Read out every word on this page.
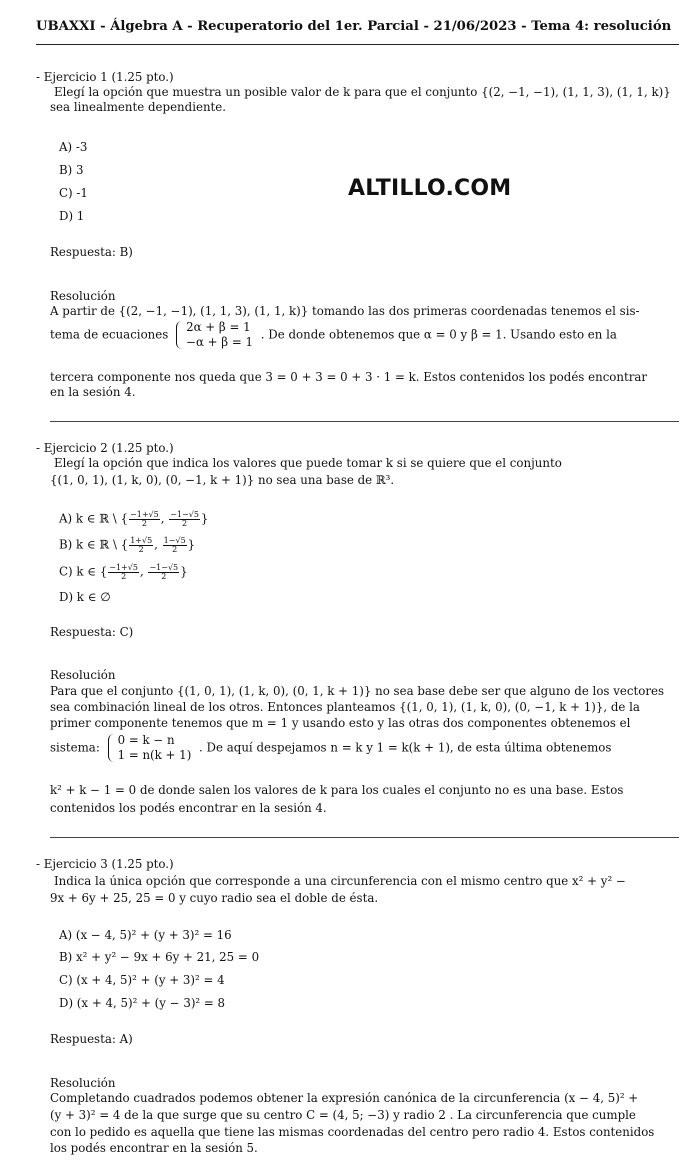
UBAXXI - Álgebra A - Recuperatorio del 1er. Parcial - 21/06/2023 - Tema 4: resolución
ALTILLO.COM
- Ejercicio 1 (1.25 pto.)
Elegí la opción que muestra un posible valor de k para que el conjunto {(2, −1, −1), (1, 1, 3), (1, 1, k)}
sea linealmente dependiente.
A) -3
B) 3
C) -1
D) 1
Respuesta: B)
Resolución
A partir de {(2, −1, −1), (1, 1, 3), (1, 1, k)} tomando las dos primeras coordenadas tenemos el sis-
tema de ecuaciones
2α + β = 1
−α + β = 1
. De donde obtenemos que α = 0 y β = 1. Usando esto en la
tercera componente nos queda que 3 = 0 + 3 = 0 + 3 · 1 = k. Estos contenidos los podés encontrar
en la sesión 4.
- Ejercicio 2 (1.25 pto.)
Elegí la opción que indica los valores que puede tomar k si se quiere que el conjunto
{(1, 0, 1), (1, k, 0), (0, −1, k + 1)} no sea una base de ℝ³.
A) k ∈ ℝ \ { $\frac{-1+√5}{2}$ , $\frac{-1-√5}{2}$ }
B) k ∈ ℝ \ { $\frac{1+√5}{2}$ , $\frac{1-√5}{2}$ }
C) k ∈ { $\frac{-1+√5}{2}$ , $\frac{-1-√5}{2}$ }
D) k ∈ ∅
Respuesta: C)
Resolución
Para que el conjunto {(1, 0, 1), (1, k, 0), (0, 1, k + 1)} no sea base debe ser que alguno de los vectores
sea combinación lineal de los otros. Entonces planteamos {(1, 0, 1), (1, k, 0), (0, −1, k + 1)}, de la
primer componente tenemos que m = 1 y usando esto y las otras dos componentes obtenemos el
sistema:
0 = k − n
1 = n(k + 1)
. De aquí despejamos n = k y 1 = k(k + 1), de esta última obtenemos
k² + k − 1 = 0 de donde salen los valores de k para los cuales el conjunto no es una base. Estos
contenidos los podés encontrar en la sesión 4.
- Ejercicio 3 (1.25 pto.)
Indica la única opción que corresponde a una circunferencia con el mismo centro que x² + y² −
9x + 6y + 25, 25 = 0 y cuyo radio sea el doble de ésta.
A) (x − 4, 5)² + (y + 3)² = 16
B) x² + y² − 9x + 6y + 21, 25 = 0
C) (x + 4, 5)² + (y + 3)² = 4
D) (x + 4, 5)² + (y − 3)² = 8
Respuesta: A)
Resolución
Completando cuadrados podemos obtener la expresión canónica de la circunferencia (x − 4, 5)² +
(y + 3)² = 4 de la que surge que su centro C = (4, 5; −3) y radio 2 . La circunferencia que cumple
con lo pedido es aquella que tiene las mismas coordenadas del centro pero radio 4. Estos contenidos
los podés encontrar en la sesión 5.
